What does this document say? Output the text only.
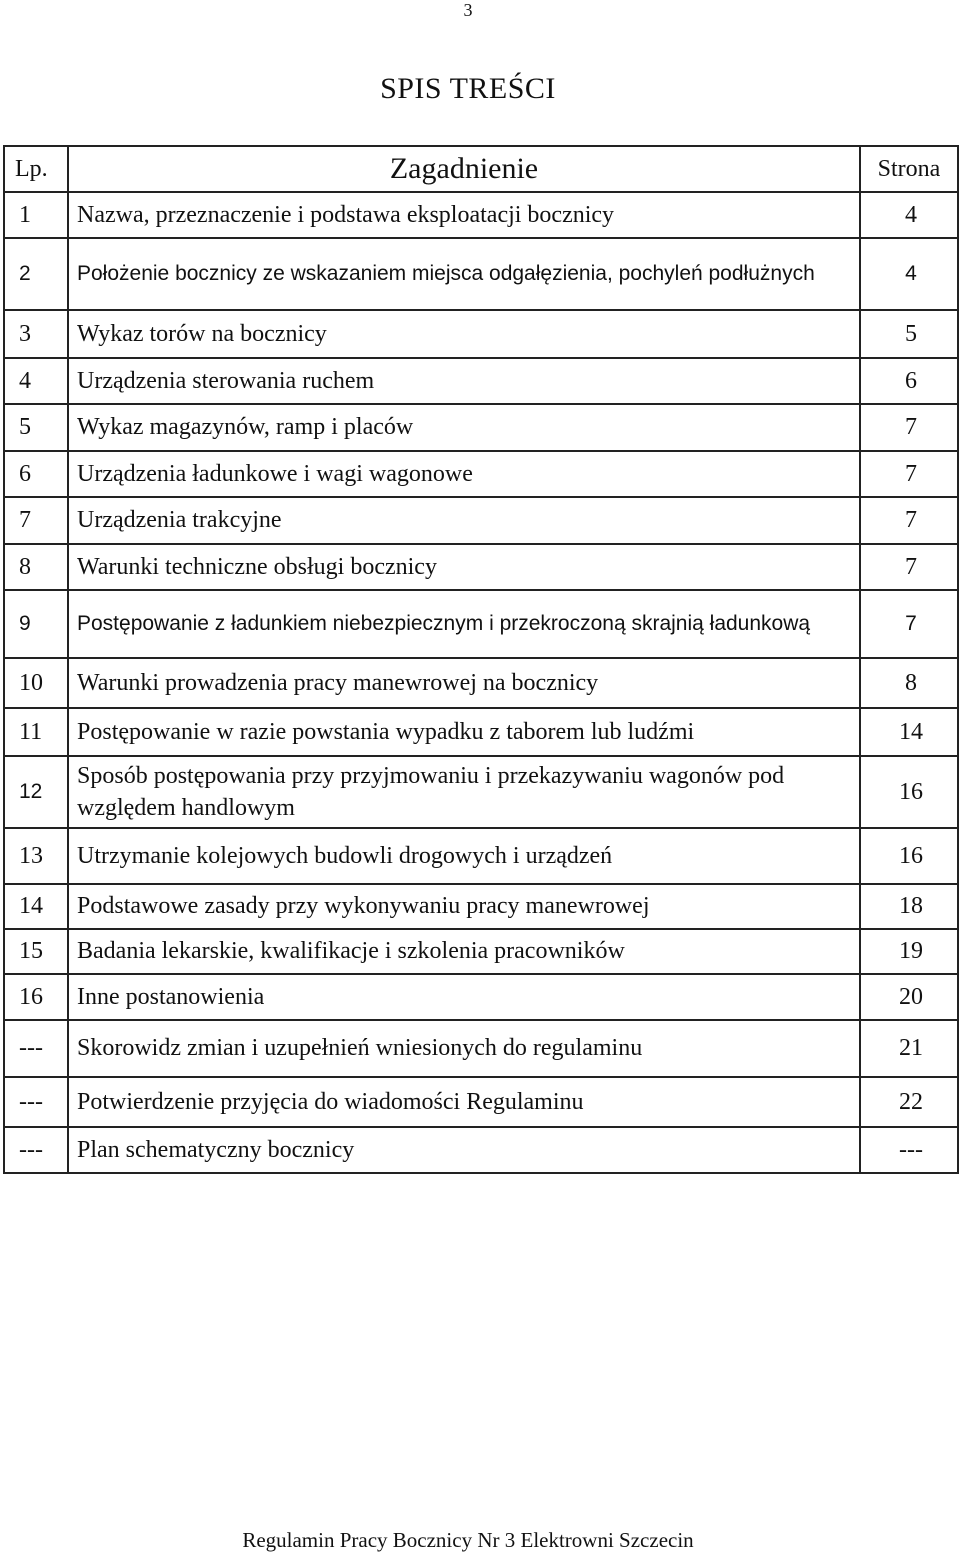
3
SPIS TREŚCI
Lp.	Zagadnienie	Strona
1	Nazwa, przeznaczenie i podstawa eksploatacji bocznicy	4
2	Położenie bocznicy ze wskazaniem miejsca odgałęzienia, pochyleń podłużnych	4
3	Wykaz torów na bocznicy	5
4	Urządzenia sterowania ruchem	6
5	Wykaz magazynów, ramp i placów	7
6	Urządzenia ładunkowe i wagi wagonowe	7
7	Urządzenia trakcyjne	7
8	Warunki techniczne obsługi bocznicy	7
9	Postępowanie z ładunkiem niebezpiecznym i przekroczoną skrajnią ładunkową	7
10	Warunki prowadzenia pracy manewrowej na bocznicy	8
11	Postępowanie w razie powstania wypadku z taborem lub ludźmi	14
12	Sposób postępowania przy przyjmowaniu i przekazywaniu wagonów pod względem handlowym	16
13	Utrzymanie kolejowych budowli drogowych i urządzeń	16
14	Podstawowe zasady przy wykonywaniu pracy manewrowej	18
15	Badania lekarskie, kwalifikacje i szkolenia pracowników	19
16	Inne postanowienia	20
---	Skorowidz zmian i uzupełnień wniesionych do regulaminu	21
---	Potwierdzenie przyjęcia do wiadomości Regulaminu	22
---	Plan schematyczny bocznicy	---
Regulamin Pracy Bocznicy Nr 3 Elektrowni Szczecin
